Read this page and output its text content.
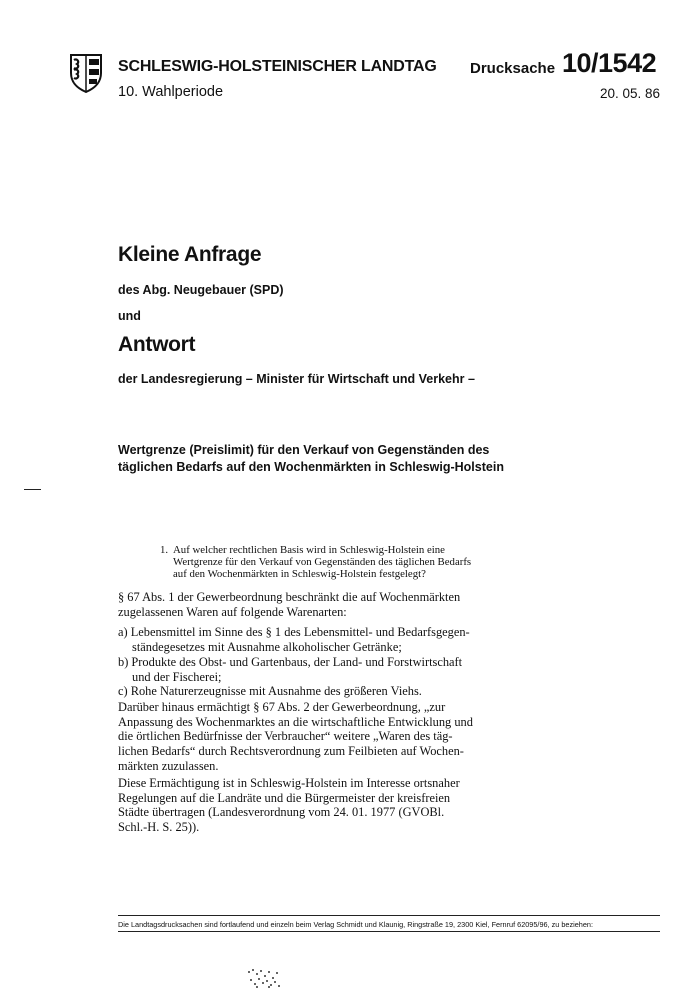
SCHLESWIG-HOLSTEINISCHER LANDTAG
10. Wahlperiode
Drucksache 10/1542
20. 05. 86
Kleine Anfrage
des Abg. Neugebauer (SPD)
und
Antwort
der Landesregierung – Minister für Wirtschaft und Verkehr –
Wertgrenze (Preislimit) für den Verkauf von Gegenständen des
täglichen Bedarfs auf den Wochenmärkten in Schleswig-Holstein
1. Auf welcher rechtlichen Basis wird in Schleswig-Holstein eine
Wertgrenze für den Verkauf von Gegenständen des täglichen Bedarfs
auf den Wochenmärkten in Schleswig-Holstein festgelegt?
§ 67 Abs. 1 der Gewerbeordnung beschränkt die auf Wochenmärkten
zugelassenen Waren auf folgende Warenarten:
a) Lebensmittel im Sinne des § 1 des Lebensmittel- und Bedarfsgegen-
ständegesetzes mit Ausnahme alkoholischer Getränke;
b) Produkte des Obst- und Gartenbaus, der Land- und Forstwirtschaft
und der Fischerei;
c) Rohe Naturerzeugnisse mit Ausnahme des größeren Viehs.
Darüber hinaus ermächtigt § 67 Abs. 2 der Gewerbeordnung, „zur
Anpassung des Wochenmarktes an die wirtschaftliche Entwicklung und
die örtlichen Bedürfnisse der Verbraucher“ weitere „Waren des täg-
lichen Bedarfs“ durch Rechtsverordnung zum Feilbieten auf Wochen-
märkten zuzulassen.
Diese Ermächtigung ist in Schleswig-Holstein im Interesse ortsnaher
Regelungen auf die Landräte und die Bürgermeister der kreisfreien
Städte übertragen (Landesverordnung vom 24. 01. 1977 (GVOBl.
Schl.-H. S. 25)).
Die Landtagsdrucksachen sind fortlaufend und einzeln beim Verlag Schmidt und Klaunig, Ringstraße 19, 2300 Kiel, Fernruf 62095/96, zu beziehen:
